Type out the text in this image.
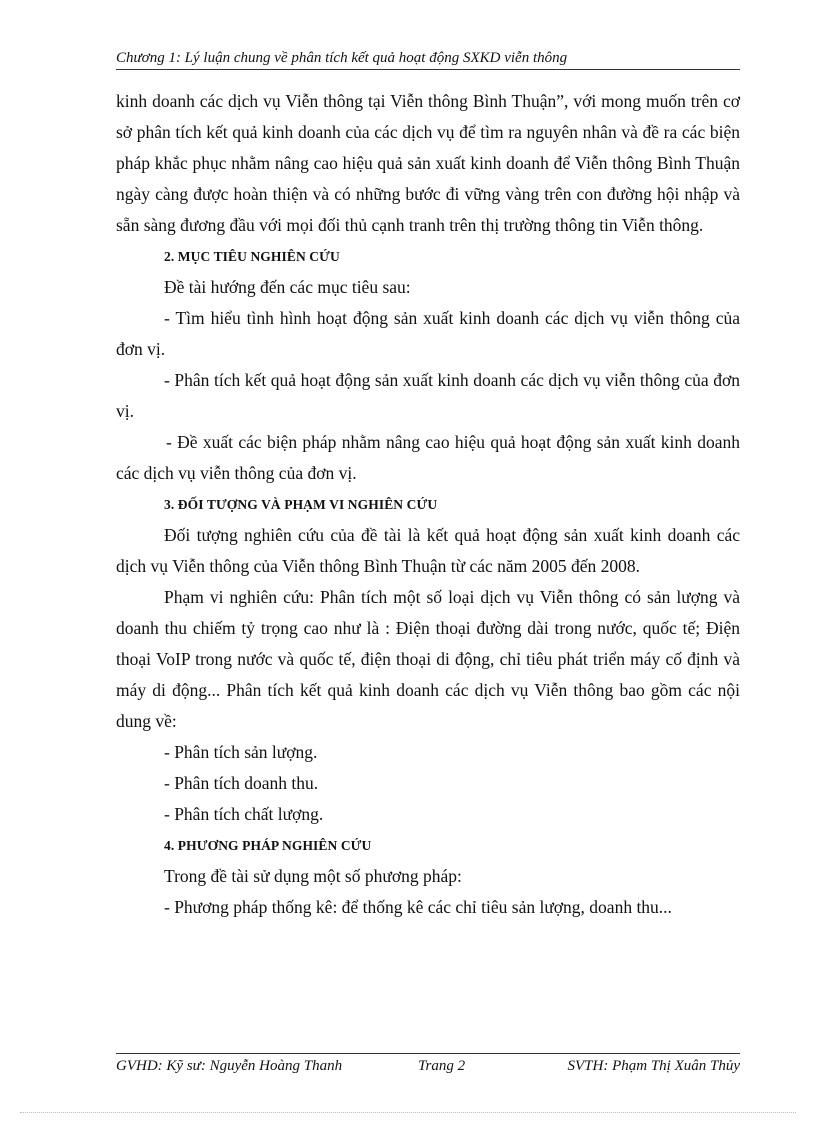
Chương 1: Lý luận chung về phân tích kết quả hoạt động SXKD viễn thông

kinh doanh các dịch vụ Viễn thông tại Viễn thông Bình Thuận”, với mong muốn trên cơ sở phân tích kết quả kinh doanh của các dịch vụ để tìm ra nguyên nhân và đề ra các biện pháp khắc phục nhằm nâng cao hiệu quả sản xuất kinh doanh để Viễn thông Bình Thuận ngày càng được hoàn thiện và có những bước đi vững vàng trên con đường hội nhập và sẵn sàng đương đầu với mọi đối thủ cạnh tranh trên thị trường thông tin Viễn thông.

2. MỤC TIÊU NGHIÊN CỨU

Đề tài hướng đến các mục tiêu sau:

- Tìm hiểu tình hình hoạt động sản xuất kinh doanh các dịch vụ viễn thông của đơn vị.

- Phân tích kết quả hoạt động sản xuất kinh doanh các dịch vụ viễn thông của đơn vị.

- Đề xuất các biện pháp nhằm nâng cao hiệu quả hoạt động sản xuất kinh doanh các dịch vụ viễn thông của đơn vị.

3. ĐỐI TƯỢNG VÀ PHẠM VI NGHIÊN CỨU

Đối tượng nghiên cứu của đề tài là kết quả hoạt động sản xuất kinh doanh các dịch vụ Viễn thông của Viễn thông Bình Thuận từ các năm 2005 đến 2008.

Phạm vi nghiên cứu: Phân tích một số loại dịch vụ Viễn thông có sản lượng và doanh thu chiếm tỷ trọng cao như là : Điện thoại đường dài trong nước, quốc tế; Điện thoại VoIP trong nước và quốc tế, điện thoại di động, chỉ tiêu phát triển máy cố định và máy di động... Phân tích kết quả kinh doanh các dịch vụ Viễn thông bao gồm các nội dung về:

- Phân tích sản lượng.

- Phân tích doanh thu.

- Phân tích chất lượng.

4. PHƯƠNG PHÁP NGHIÊN CỨU

Trong đề tài sử dụng một số phương pháp:

- Phương pháp thống kê: để thống kê các chỉ tiêu sản lượng, doanh thu...

GVHD: Kỹ sư: Nguyễn Hoàng Thanh	Trang 2	SVTH: Phạm Thị Xuân Thủy
